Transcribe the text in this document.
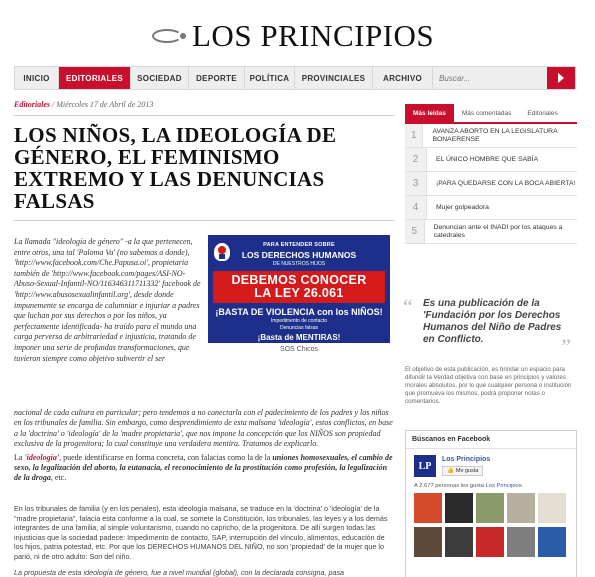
LOS PRINCIPIOS
INICIO	EDITORIALES	SOCIEDAD	DEPORTE	POLÍTICA	PROVINCIALES	ARCHIVO
Buscar...
Editoriales / Miércoles 17 de Abril de 2013
LOS NIÑOS, LA IDEOLOGÍA DE GÉNERO, EL FEMINISMO EXTREMO Y LAS DENUNCIAS FALSAS
La llamada "ideología de género" -a la que pertenecen, entre otros, una tal 'Paloma Va' (no sabemos a donde), 'http://www.facebook.com/Che.Papusa.oi', propietaria también de 'http://www.facebook.com/pages/ASI-NO-Abuso-Sexual-Infantil-NO/116346311711332' facebook de 'http://www.abusosexualinfantil.org', desde donde impunemente se encarga de calumniar e injuriar a padres que luchan por sus derechos o por los niños, ya perfectamente identificada- ha traído para el mundo una carga perversa de arbitrariedad e injusticia, tratando de imponer una serie de profundas transformaciones, que tuvieron siempre como objetivo subvertir el ser
PARA ENTENDER SOBRE
LOS DERECHOS HUMANOS
DE NUESTROS HIJOS
DEBEMOS CONOCER
LA LEY 26.061
¡BASTA DE VIOLENCIA con los NIÑOS!
Impedimento de contacto
Denuncias falsas
¡Basta de MENTIRAS!
SOS Chicos

nacional de cada cultura en particular; pero tendemos a no conectarla con el padecimiento de los padres y los niños en los tribunales de familia. Sin embargo, como desprendimiento de esta malsana 'ideología', estos conflictos, en base a la 'doctrina' o 'ideología' de la 'madre propietaria', que nos impone la concepción que los NIÑOS son propiedad exclusiva de la progenitora; lo cual constituye una verdadera mentira. Tratamos de explicarlo.

La 'ideología', puede identificarse en forma concreta, con falacias como la de la uniones homosexuales, el cambio de sexo, la legalización del aborto, la eutanacia, el reconocimiento de la prostitución como profesión, la legalización de la droga, etc.

En los tribunales de familia (y en los penales), esta ideología malsana, se traduce en la 'doctrina' o 'ideología' de la "madre propietaria", falacia esta conforme a la cual, se somete la Constitución, los tribunales, las leyes y a los demás integrantes de una familia, al simple voluntarismo, cuando no capricho, de la progenitora. De allí surgen todas las injusticias que la sociedad padece: Impedimento de contacto, SAP, interrupción del vínculo, alimentos, educación de los hijos, patria potestad, etc. Por que los DERECHOS HUMANOS DEL NIÑO, no son 'propiedad' de la mujer que lo parió, ni de otro adulto: Son del niño.

La propuesta de esta ideología de género, fue a nivel mundial (global), con la declarada consigna, pasa

Más leídas	Más comentadas	Editoriales
1	AVANZA ABORTO EN LA LEGISLATURA BONAERENSE
2	EL ÚNICO HOMBRE QUE SABÍA
3	¡PARA QUEDARSE CON LA BOCA ABIERTA!
4	Mujer golpeadora
5	Denuncian ante el INADI por los ataques a catedrales
“	Es una publicación de la 'Fundación por los Derechos Humanos del Niño de Padres en Conflicto.	”
El objetivo de esta publicación, es brindar un espacio para difundir la Verdad objetiva con base en principios y valores morales absolutos, por lo que cualquier persona o institución que promueva los mismos, podrá proponer notas o comentarios.
Búscanos en Facebook
LP
Los Principios
👍 Me gusta
A 2.677 personas les gusta Los Principios.
